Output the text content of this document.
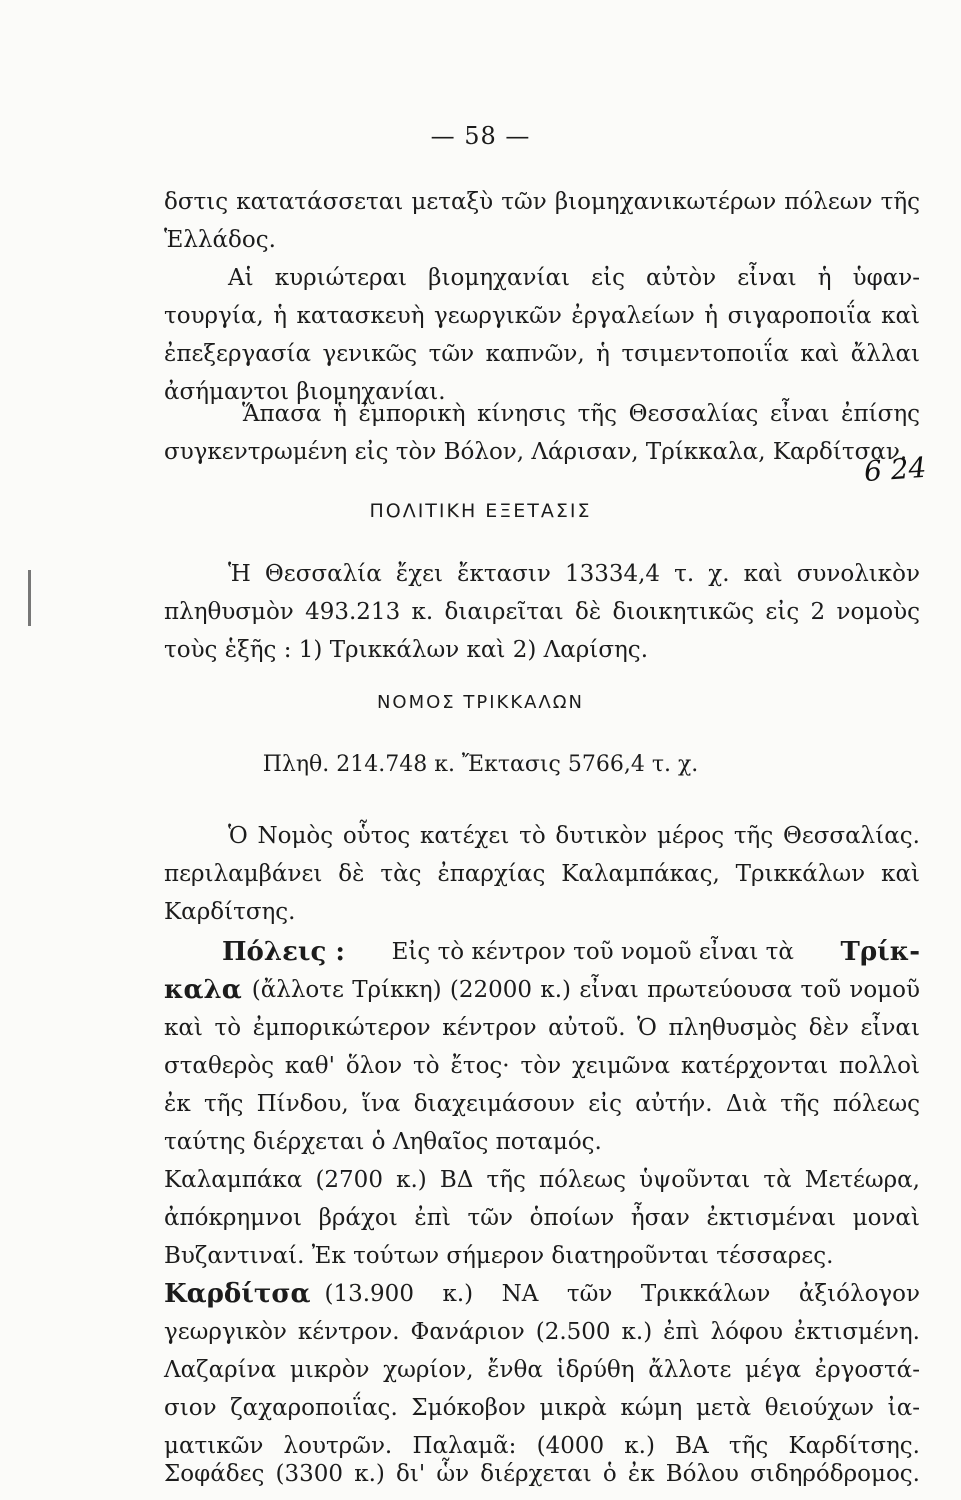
— 58 —
δστις κατατάσσεται μεταξὺ τῶν βιομηχανικωτέρων πόλεων τῆς
Ἑλλάδος.
Αἱ κυριώτεραι βιομηχανίαι εἰς αὐτὸν εἶναι ἡ ὑφαν-
τουργία, ἡ κατασκευὴ γεωργικῶν ἐργαλείων ἡ σιγαροποιΐα καὶ
ἐπεξεργασία γενικῶς τῶν καπνῶν, ἡ τσιμεντοποιΐα καὶ ἄλλαι
ἀσήμαντοι βιομηχανίαι.
Ἅπασα ἡ ἐμπορικὴ κίνησις τῆς Θεσσαλίας εἶναι ἐπίσης
συγκεντρωμένη εἰς τὸν Βόλον, Λάρισαν, Τρίκκαλα, Καρδίτσαν.
6 24
ΠΟΛΙΤΙΚΗ ΕΞΕΤΑΣΙΣ
Ἡ Θεσσαλία ἔχει ἔκτασιν 13334,4 τ. χ. καὶ συνολικὸν
πληθυσμὸν 493.213 κ. διαιρεῖται δὲ διοικητικῶς εἰς 2 νομοὺς
τοὺς ἑξῆς : 1) Τρικκάλων καὶ 2) Λαρίσης.
ΝΟΜΟΣ ΤΡΙΚΚΑΛΩΝ
Πληθ. 214.748 κ. Ἔκτασις 5766,4 τ. χ.
Ὁ Νομὸς οὗτος κατέχει τὸ δυτικὸν μέρος τῆς Θεσσαλίας.
περιλαμβάνει δὲ τὰς ἐπαρχίας Καλαμπάκας, Τρικκάλων καὶ
Καρδίτσης.
Πόλεις : Εἰς τὸ κέντρον τοῦ νομοῦ εἶναι τὰ Τρίκ-
καλα (ἄλλοτε Τρίκκη) (22000 κ.) εἶναι πρωτεύουσα τοῦ νομοῦ
καὶ τὸ ἐμπορικώτερον κέντρον αὐτοῦ. Ὁ πληθυσμὸς δὲν εἶναι
σταθερὸς καθ' ὅλον τὸ ἔτος· τὸν χειμῶνα κατέρχονται πολλοὶ
ἐκ τῆς Πίνδου, ἵνα διαχειμάσουν εἰς αὐτήν. Διὰ τῆς πόλεως
ταύτης διέρχεται ὁ Ληθαῖος ποταμός.
Καλαμπάκα (2700 κ.) ΒΔ τῆς πόλεως ὑψοῦνται τὰ Μετέωρα,
ἀπόκρημνοι βράχοι ἐπὶ τῶν ὁποίων ἦσαν ἐκτισμέναι μοναὶ
Βυζαντιναί. Ἐκ τούτων σήμερον διατηροῦνται τέσσαρες.
Καρδίτσα (13.900 κ.) ΝΑ τῶν Τρικκάλων ἀξιόλογον
γεωργικὸν κέντρον. Φανάριον (2.500 κ.) ἐπὶ λόφου ἐκτισμένη.
Λαζαρίνα μικρὸν χωρίον, ἔνθα ἱδρύθη ἄλλοτε μέγα ἐργοστά-
σιον ζαχαροποιΐας. Σμόκοβον μικρὰ κώμη μετὰ θειούχων ἰα-
ματικῶν λουτρῶν. Παλαμᾶ: (4000 κ.) ΒΑ τῆς Καρδίτσης.
Σοφάδες (3300 κ.) δι' ὧν διέρχεται ὁ ἐκ Βόλου σιδηρόδρομος.
